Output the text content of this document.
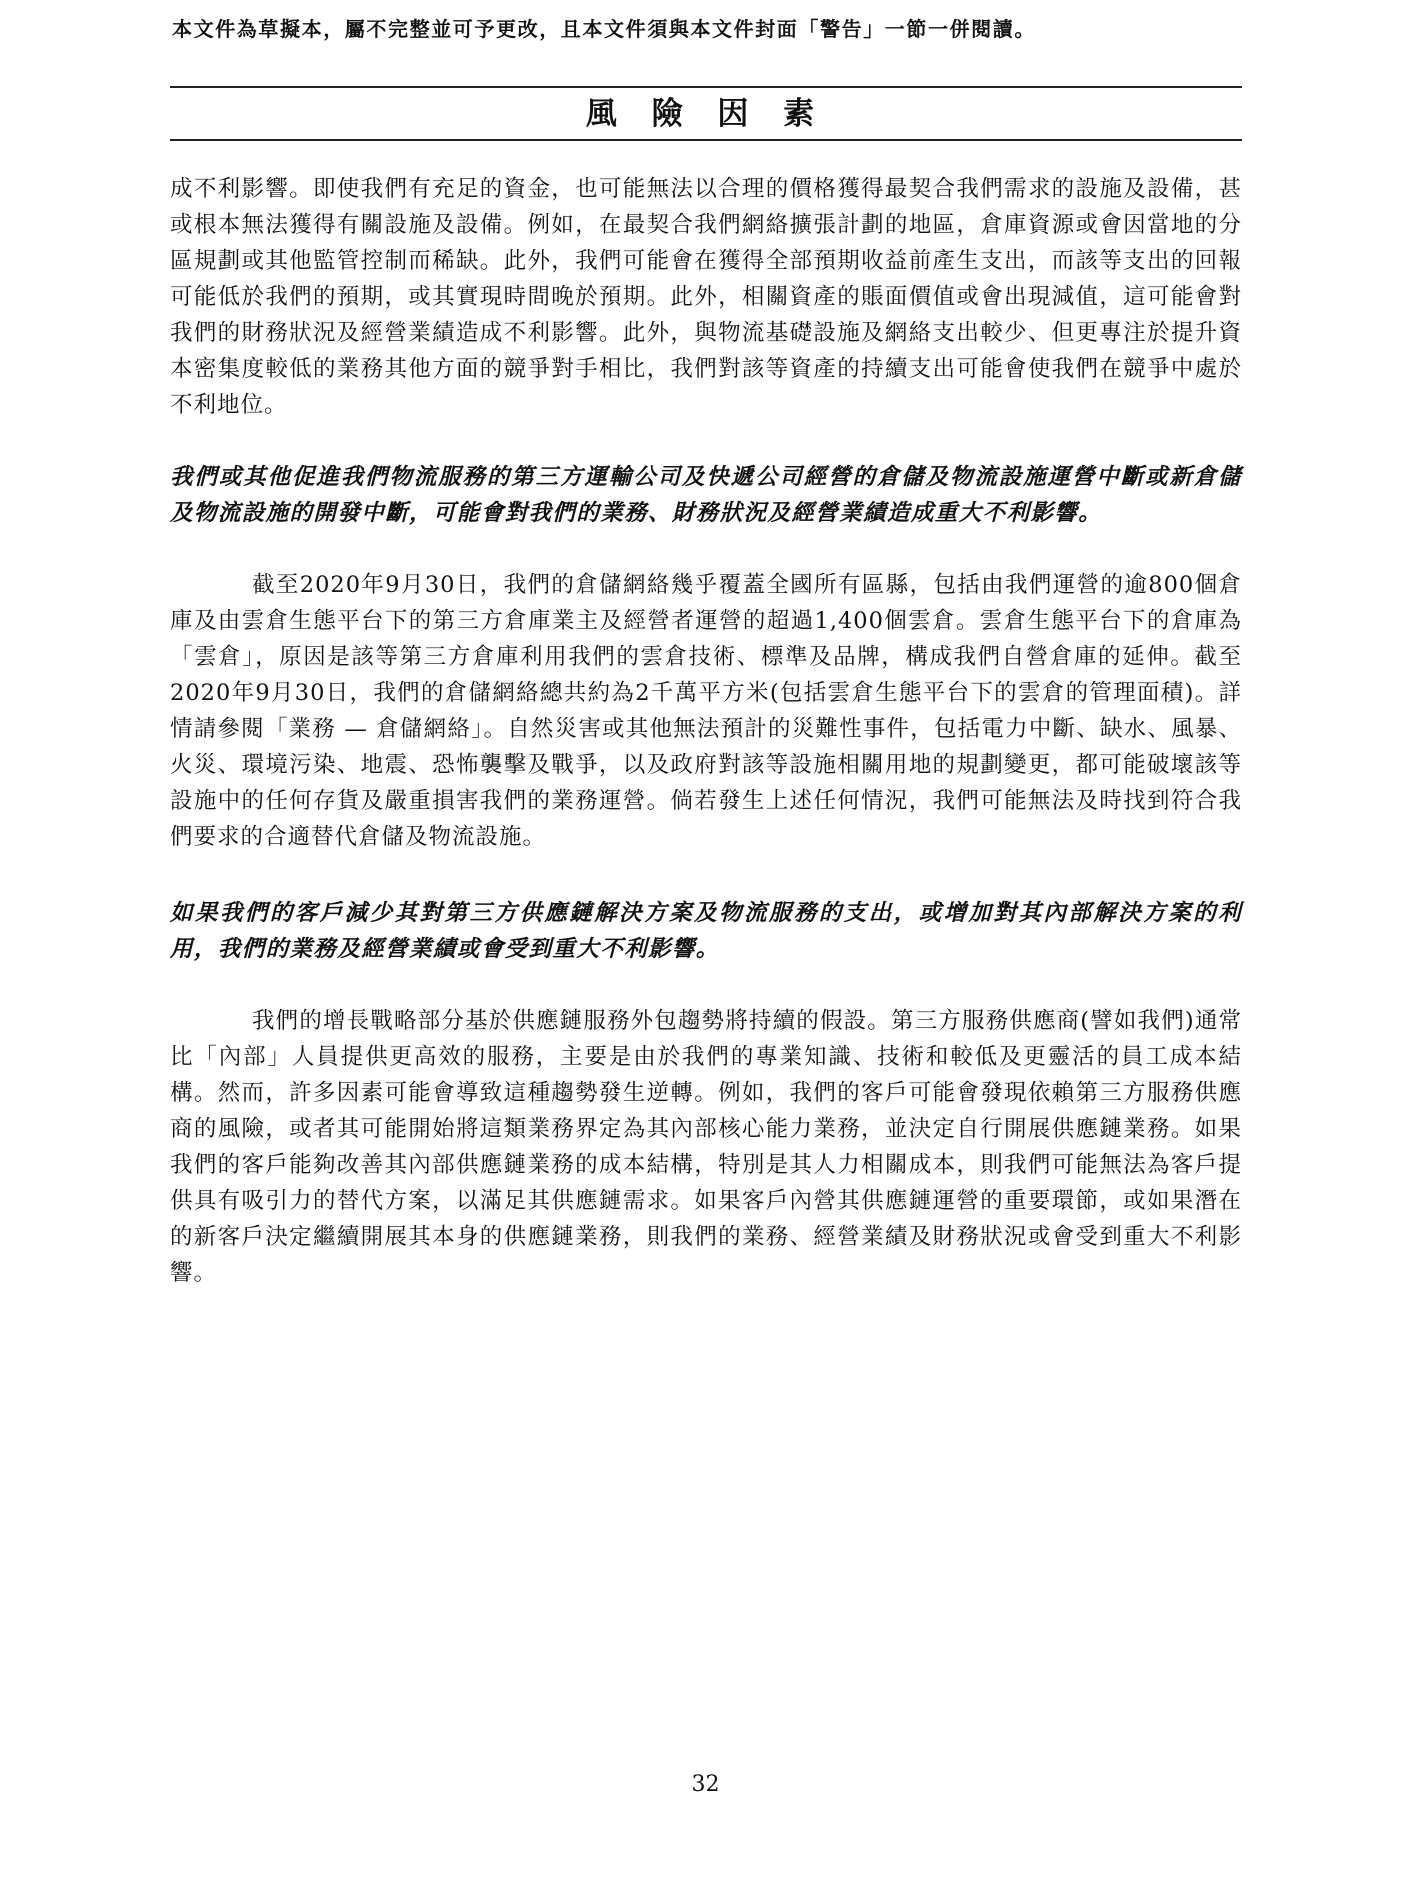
本文件為草擬本，屬不完整並可予更改，且本文件須與本文件封面「警告」一節一併閱讀。
風 險 因 素

成不利影響。即使我們有充足的資金，也可能無法以合理的價格獲得最契合我們需求的設施及設備，甚或根本無法獲得有關設施及設備。例如，在最契合我們網絡擴張計劃的地區，倉庫資源或會因當地的分區規劃或其他監管控制而稀缺。此外，我們可能會在獲得全部預期收益前產生支出，而該等支出的回報可能低於我們的預期，或其實現時間晚於預期。此外，相關資產的賬面價值或會出現減值，這可能會對我們的財務狀況及經營業績造成不利影響。此外，與物流基礎設施及網絡支出較少、但更專注於提升資本密集度較低的業務其他方面的競爭對手相比，我們對該等資產的持續支出可能會使我們在競爭中處於不利地位。

我們或其他促進我們物流服務的第三方運輸公司及快遞公司經營的倉儲及物流設施運營中斷或新倉儲及物流設施的開發中斷，可能會對我們的業務、財務狀況及經營業績造成重大不利影響。

截至2020年9月30日，我們的倉儲網絡幾乎覆蓋全國所有區縣，包括由我們運營的逾800個倉庫及由雲倉生態平台下的第三方倉庫業主及經營者運營的超過1,400個雲倉。雲倉生態平台下的倉庫為「雲倉」，原因是該等第三方倉庫利用我們的雲倉技術、標準及品牌，構成我們自營倉庫的延伸。截至2020年9月30日，我們的倉儲網絡總共約為2千萬平方米(包括雲倉生態平台下的雲倉的管理面積)。詳情請參閱「業務 — 倉儲網絡」。自然災害或其他無法預計的災難性事件，包括電力中斷、缺水、風暴、火災、環境污染、地震、恐怖襲擊及戰爭，以及政府對該等設施相關用地的規劃變更，都可能破壞該等設施中的任何存貨及嚴重損害我們的業務運營。倘若發生上述任何情況，我們可能無法及時找到符合我們要求的合適替代倉儲及物流設施。

如果我們的客戶減少其對第三方供應鏈解決方案及物流服務的支出，或增加對其內部解決方案的利用，我們的業務及經營業績或會受到重大不利影響。

我們的增長戰略部分基於供應鏈服務外包趨勢將持續的假設。第三方服務供應商(譬如我們)通常比「內部」人員提供更高效的服務，主要是由於我們的專業知識、技術和較低及更靈活的員工成本結構。然而，許多因素可能會導致這種趨勢發生逆轉。例如，我們的客戶可能會發現依賴第三方服務供應商的風險，或者其可能開始將這類業務界定為其內部核心能力業務，並決定自行開展供應鏈業務。如果我們的客戶能夠改善其內部供應鏈業務的成本結構，特別是其人力相關成本，則我們可能無法為客戶提供具有吸引力的替代方案，以滿足其供應鏈需求。如果客戶內營其供應鏈運營的重要環節，或如果潛在的新客戶決定繼續開展其本身的供應鏈業務，則我們的業務、經營業績及財務狀況或會受到重大不利影響。

32
